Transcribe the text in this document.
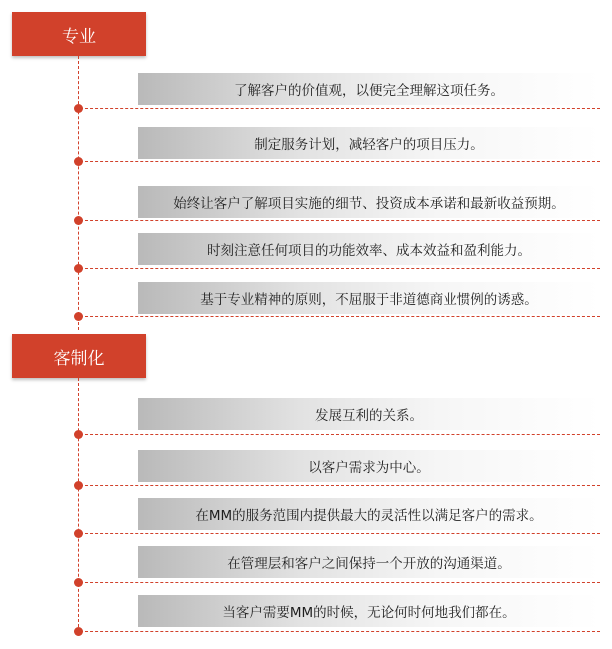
专业
了解客户的价值观，以便完全理解这项任务。
制定服务计划，减轻客户的项目压力。
始终让客户了解项目实施的细节、投资成本承诺和最新收益预期。
时刻注意任何项目的功能效率、成本效益和盈利能力。
基于专业精神的原则，不屈服于非道德商业惯例的诱惑。
客制化
发展互利的关系。
以客户需求为中心。
在MM的服务范围内提供最大的灵活性以满足客户的需求。
在管理层和客户之间保持一个开放的沟通渠道。
当客户需要MM的时候，无论何时何地我们都在。
